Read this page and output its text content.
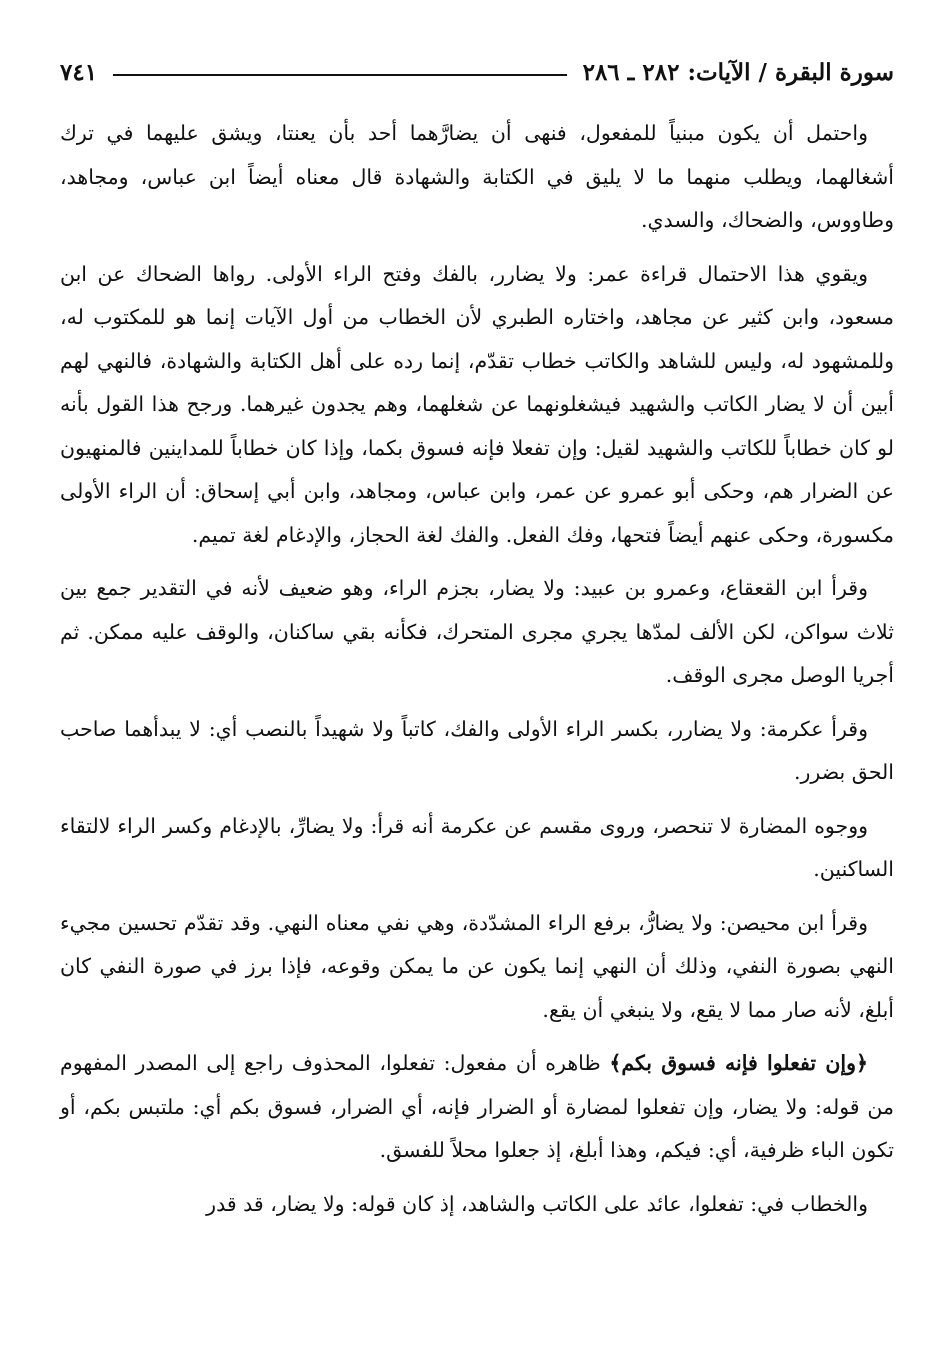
سورة البقرة / الآيات: ٢٨٢ ـ ٢٨٦
٧٤١

واحتمل أن يكون مبنياً للمفعول، فنهى أن يضارَّهما أحد بأن يعنتا، ويشق عليهما في ترك أشغالهما، ويطلب منهما ما لا يليق في الكتابة والشهادة قال معناه أيضاً ابن عباس، ومجاهد، وطاووس، والضحاك، والسدي.

ويقوي هذا الاحتمال قراءة عمر: ولا يضارر، بالفك وفتح الراء الأولى. رواها الضحاك عن ابن مسعود، وابن كثير عن مجاهد، واختاره الطبري لأن الخطاب من أول الآيات إنما هو للمكتوب له، وللمشهود له، وليس للشاهد والكاتب خطاب تقدّم، إنما رده على أهل الكتابة والشهادة، فالنهي لهم أبين أن لا يضار الكاتب والشهيد فيشغلونهما عن شغلهما، وهم يجدون غيرهما. ورجح هذا القول بأنه لو كان خطاباً للكاتب والشهيد لقيل: وإن تفعلا فإنه فسوق بكما، وإذا كان خطاباً للمداينين فالمنهيون عن الضرار هم، وحكى أبو عمرو عن عمر، وابن عباس، ومجاهد، وابن أبي إسحاق: أن الراء الأولى مكسورة، وحكى عنهم أيضاً فتحها، وفك الفعل. والفك لغة الحجاز، والإدغام لغة تميم.

وقرأ ابن القعقاع، وعمرو بن عبيد: ولا يضار، بجزم الراء، وهو ضعيف لأنه في التقدير جمع بين ثلاث سواكن، لكن الألف لمدّها يجري مجرى المتحرك، فكأنه بقي ساكنان، والوقف عليه ممكن. ثم أجريا الوصل مجرى الوقف.

وقرأ عكرمة: ولا يضارر، بكسر الراء الأولى والفك، كاتباً ولا شهيداً بالنصب أي: لا يبدأهما صاحب الحق بضرر.

ووجوه المضارة لا تنحصر، وروى مقسم عن عكرمة أنه قرأ: ولا يضارِّ، بالإدغام وكسر الراء لالتقاء الساكنين.

وقرأ ابن محيصن: ولا يضارُّ، برفع الراء المشدّدة، وهي نفي معناه النهي. وقد تقدّم تحسين مجيء النهي بصورة النفي، وذلك أن النهي إنما يكون عن ما يمكن وقوعه، فإذا برز في صورة النفي كان أبلغ، لأنه صار مما لا يقع، ولا ينبغي أن يقع.

﴿وإن تفعلوا فإنه فسوق بكم﴾ ظاهره أن مفعول: تفعلوا، المحذوف راجع إلى المصدر المفهوم من قوله: ولا يضار، وإن تفعلوا لمضارة أو الضرار فإنه، أي الضرار، فسوق بكم أي: ملتبس بكم، أو تكون الباء ظرفية، أي: فيكم، وهذا أبلغ، إذ جعلوا محلاً للفسق.

والخطاب في: تفعلوا، عائد على الكاتب والشاهد، إذ كان قوله: ولا يضار، قد قدر
